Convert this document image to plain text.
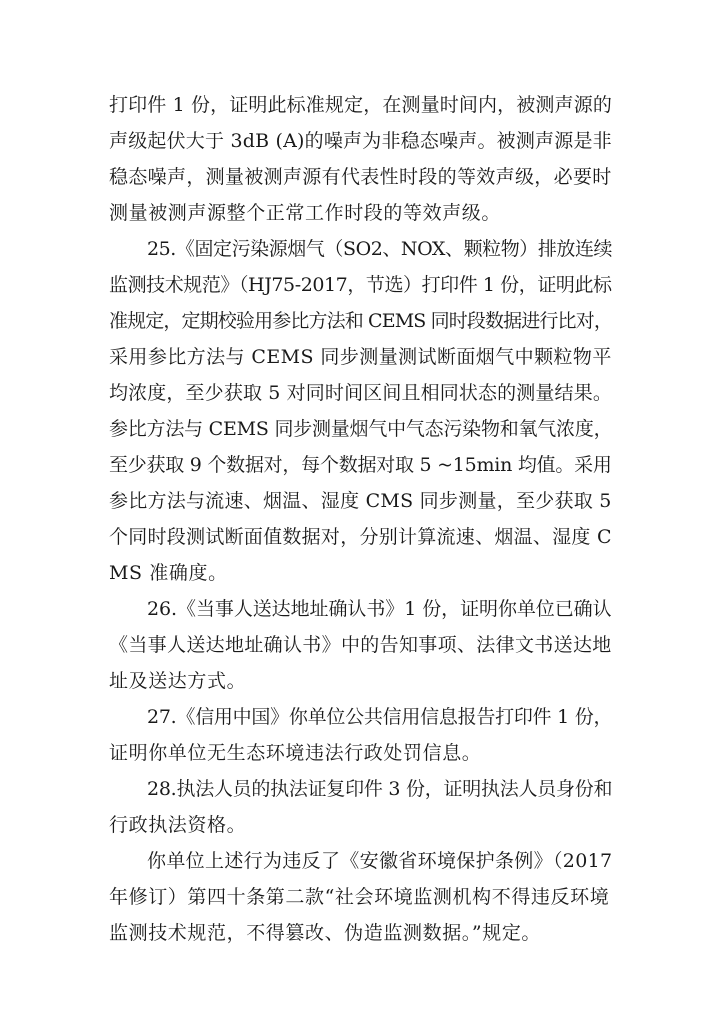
打印件 1 份，证明此标准规定，在测量时间内，被测声源的
声级起伏大于 3dB (A)的噪声为非稳态噪声。被测声源是非
稳态噪声，测量被测声源有代表性时段的等效声级，必要时
测量被测声源整个正常工作时段的等效声级。
25.《固定污染源烟气（SO2、NOX、颗粒物）排放连续
监测技术规范》（HJ75-2017，节选）打印件 1 份，证明此标
准规定，定期校验用参比方法和 CEMS 同时段数据进行比对，
采用参比方法与 CEMS 同步测量测试断面烟气中颗粒物平
均浓度，至少获取 5 对同时间区间且相同状态的测量结果。
参比方法与 CEMS 同步测量烟气中气态污染物和氧气浓度，
至少获取 9 个数据对，每个数据对取 5 ~15min 均值。采用
参比方法与流速、烟温、湿度 CMS 同步测量，至少获取 5
个同时段测试断面值数据对，分别计算流速、烟温、湿度 C
MS 准确度。
26.《当事人送达地址确认书》1 份，证明你单位已确认
《当事人送达地址确认书》中的告知事项、法律文书送达地
址及送达方式。
27.《信用中国》你单位公共信用信息报告打印件 1 份，
证明你单位无生态环境违法行政处罚信息。
28.执法人员的执法证复印件 3 份，证明执法人员身份和
行政执法资格。
你单位上述行为违反了《安徽省环境保护条例》（2017
年修订）第四十条第二款“社会环境监测机构不得违反环境
监测技术规范，不得篡改、伪造监测数据。”规定。
